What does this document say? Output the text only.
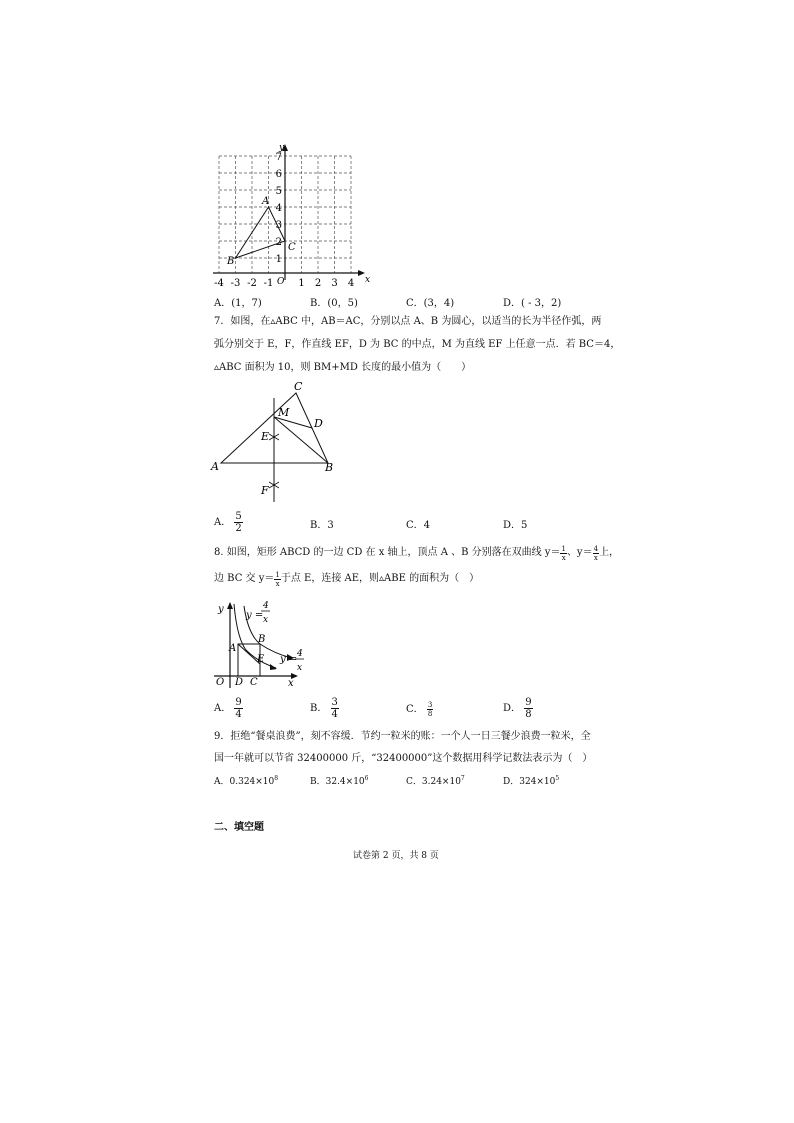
x
y
1
2
3
4
5
6
7
-4 -3 -2 -1 1 2 3 4
O
A
B
C
A．(1，7)	B．(0，5)	C．(3，4)	D．( - 3，2)
7．如图，在▵ABC 中，AB＝AC，分别以点 A、B 为圆心，以适当的长为半径作弧，两
弧分别交于 E，F，作直线 EF，D 为 BC 的中点，M 为直线 EF 上任意一点．若 BC＝4，
▵ABC 面积为 10，则 BM+MD 长度的最小值为（　　）
A	B
C
D
E
F
M
A． $\frac{5}{2}$	B．3	C．4	D．5
8. 如图，矩形 ABCD 的一边 CD 在 x 轴上，顶点 A 、B 分别落在双曲线 y＝ 1
x 、y＝ 4
x 上，
边 BC 交 y＝ 1
x 于点 E，连接 AE，则▵ABE 的面积为（　）
y
x
O
A
B
C
D
E
y =
4
x
y = 4
x
A． $\frac{9}{4}$	B． $\frac{3}{4}$	C． $\frac{3}{8}$	D． $\frac{9}{8}$
9．拒绝“餐桌浪费”，刻不容缓．节约一粒米的账：一个人一日三餐少浪费一粒米，全
国一年就可以节省 32400000 斤，“32400000”这个数据用科学记数法表示为（　）
A．$0.324\times 10^8$	B．$32.4\times 10^6$	C．$3.24\times 10^7$	D．$324\times 10^5$
二、填空题
试卷第 2 页，共 8 页
